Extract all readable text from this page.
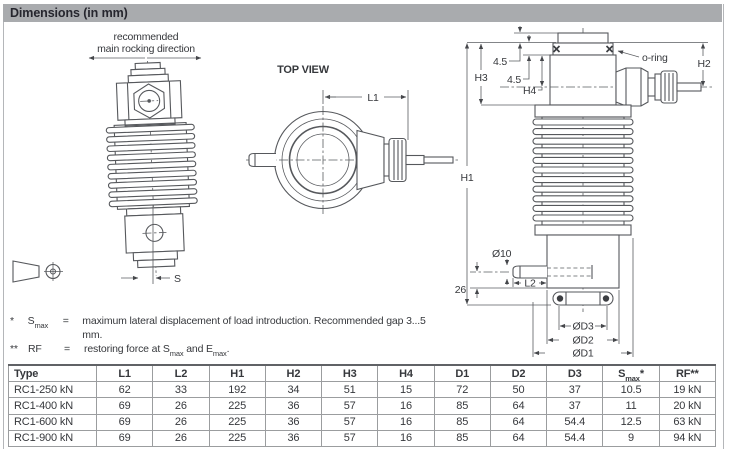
Dimensions (in mm)
recommended
main rocking direction
S
TOP VIEW
L1
H1
H2
H3
4.5
4.5
H4
o-ring
Ø10
26
L2
ØD3
ØD2
ØD1
*	$S_{max}$	=	maximum lateral displacement of load introduction. Recommended gap 3...5 mm.
** RF	=	restoring force at $S_{max}$ and $E_{max}$.
Type	L1	L2	H1	H2	H3	H4	D1	D2	D3	$S_{max}*$	RF**
RC1-250 kN	62	33	192	34	51	15	72	50	37	10.5	19 kN
RC1-400 kN	69	26	225	36	57	16	85	64	37	11	20 kN
RC1-600 kN	69	26	225	36	57	16	85	64	54.4	12.5	63 kN
RC1-900 kN	69	26	225	36	57	16	85	64	54.4	9	94 kN
